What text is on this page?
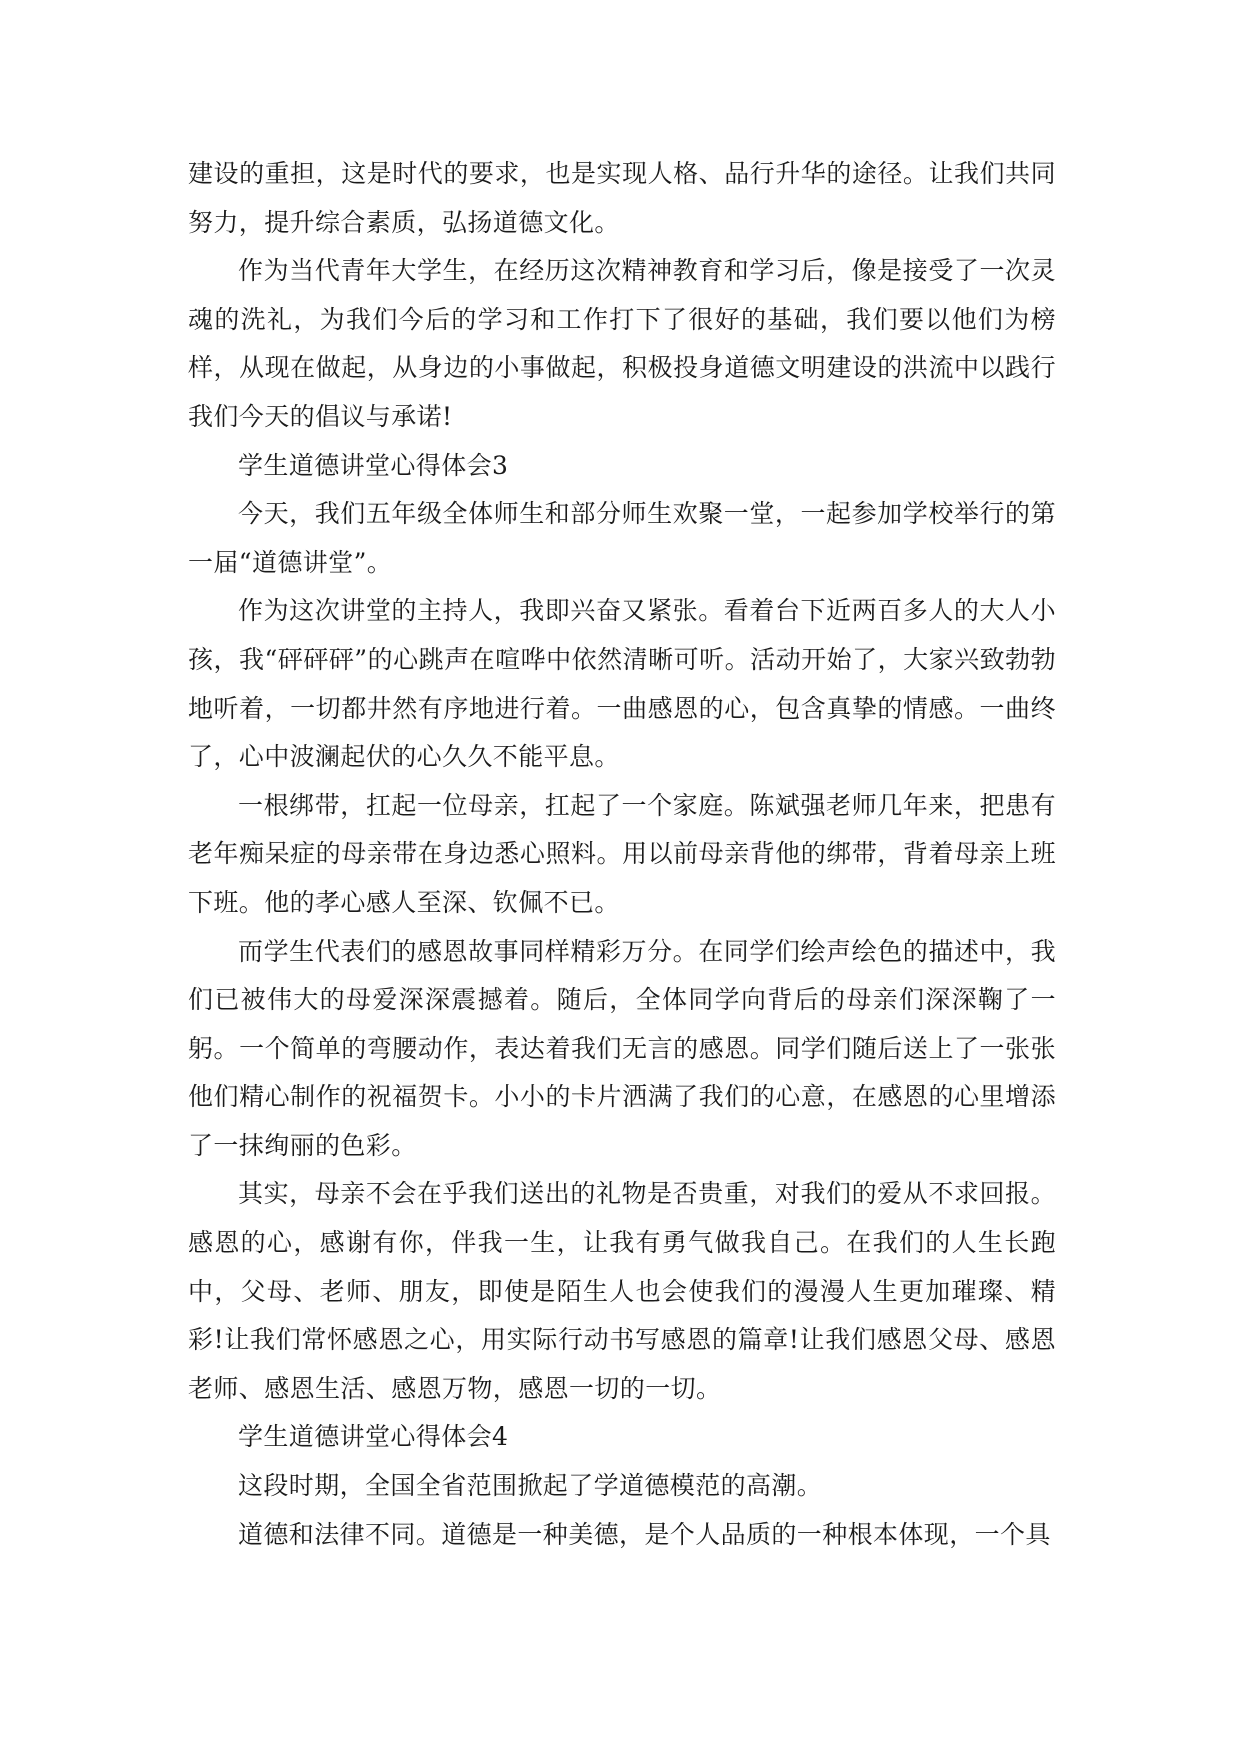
建设的重担，这是时代的要求，也是实现人格、品行升华的途径。让我们共同努力，提升综合素质，弘扬道德文化。

作为当代青年大学生，在经历这次精神教育和学习后，像是接受了一次灵魂的洗礼，为我们今后的学习和工作打下了很好的基础，我们要以他们为榜样，从现在做起，从身边的小事做起，积极投身道德文明建设的洪流中以践行我们今天的倡议与承诺!

学生道德讲堂心得体会3

今天，我们五年级全体师生和部分师生欢聚一堂，一起参加学校举行的第一届“道德讲堂”。

作为这次讲堂的主持人，我即兴奋又紧张。看着台下近两百多人的大人小孩，我“砰砰砰”的心跳声在喧哗中依然清晰可听。活动开始了，大家兴致勃勃地听着，一切都井然有序地进行着。一曲感恩的心，包含真挚的情感。一曲终了，心中波澜起伏的心久久不能平息。

一根绑带，扛起一位母亲，扛起了一个家庭。陈斌强老师几年来，把患有老年痴呆症的母亲带在身边悉心照料。用以前母亲背他的绑带，背着母亲上班下班。他的孝心感人至深、钦佩不已。

而学生代表们的感恩故事同样精彩万分。在同学们绘声绘色的描述中，我们已被伟大的母爱深深震撼着。随后，全体同学向背后的母亲们深深鞠了一躬。一个简单的弯腰动作，表达着我们无言的感恩。同学们随后送上了一张张他们精心制作的祝福贺卡。小小的卡片洒满了我们的心意，在感恩的心里增添了一抹绚丽的色彩。

其实，母亲不会在乎我们送出的礼物是否贵重，对我们的爱从不求回报。感恩的心，感谢有你，伴我一生，让我有勇气做我自己。在我们的人生长跑中，父母、老师、朋友，即使是陌生人也会使我们的漫漫人生更加璀璨、精彩!让我们常怀感恩之心，用实际行动书写感恩的篇章!让我们感恩父母、感恩老师、感恩生活、感恩万物，感恩一切的一切。

学生道德讲堂心得体会4

这段时期，全国全省范围掀起了学道德模范的高潮。

道德和法律不同。道德是一种美德，是个人品质的一种根本体现，一个具
